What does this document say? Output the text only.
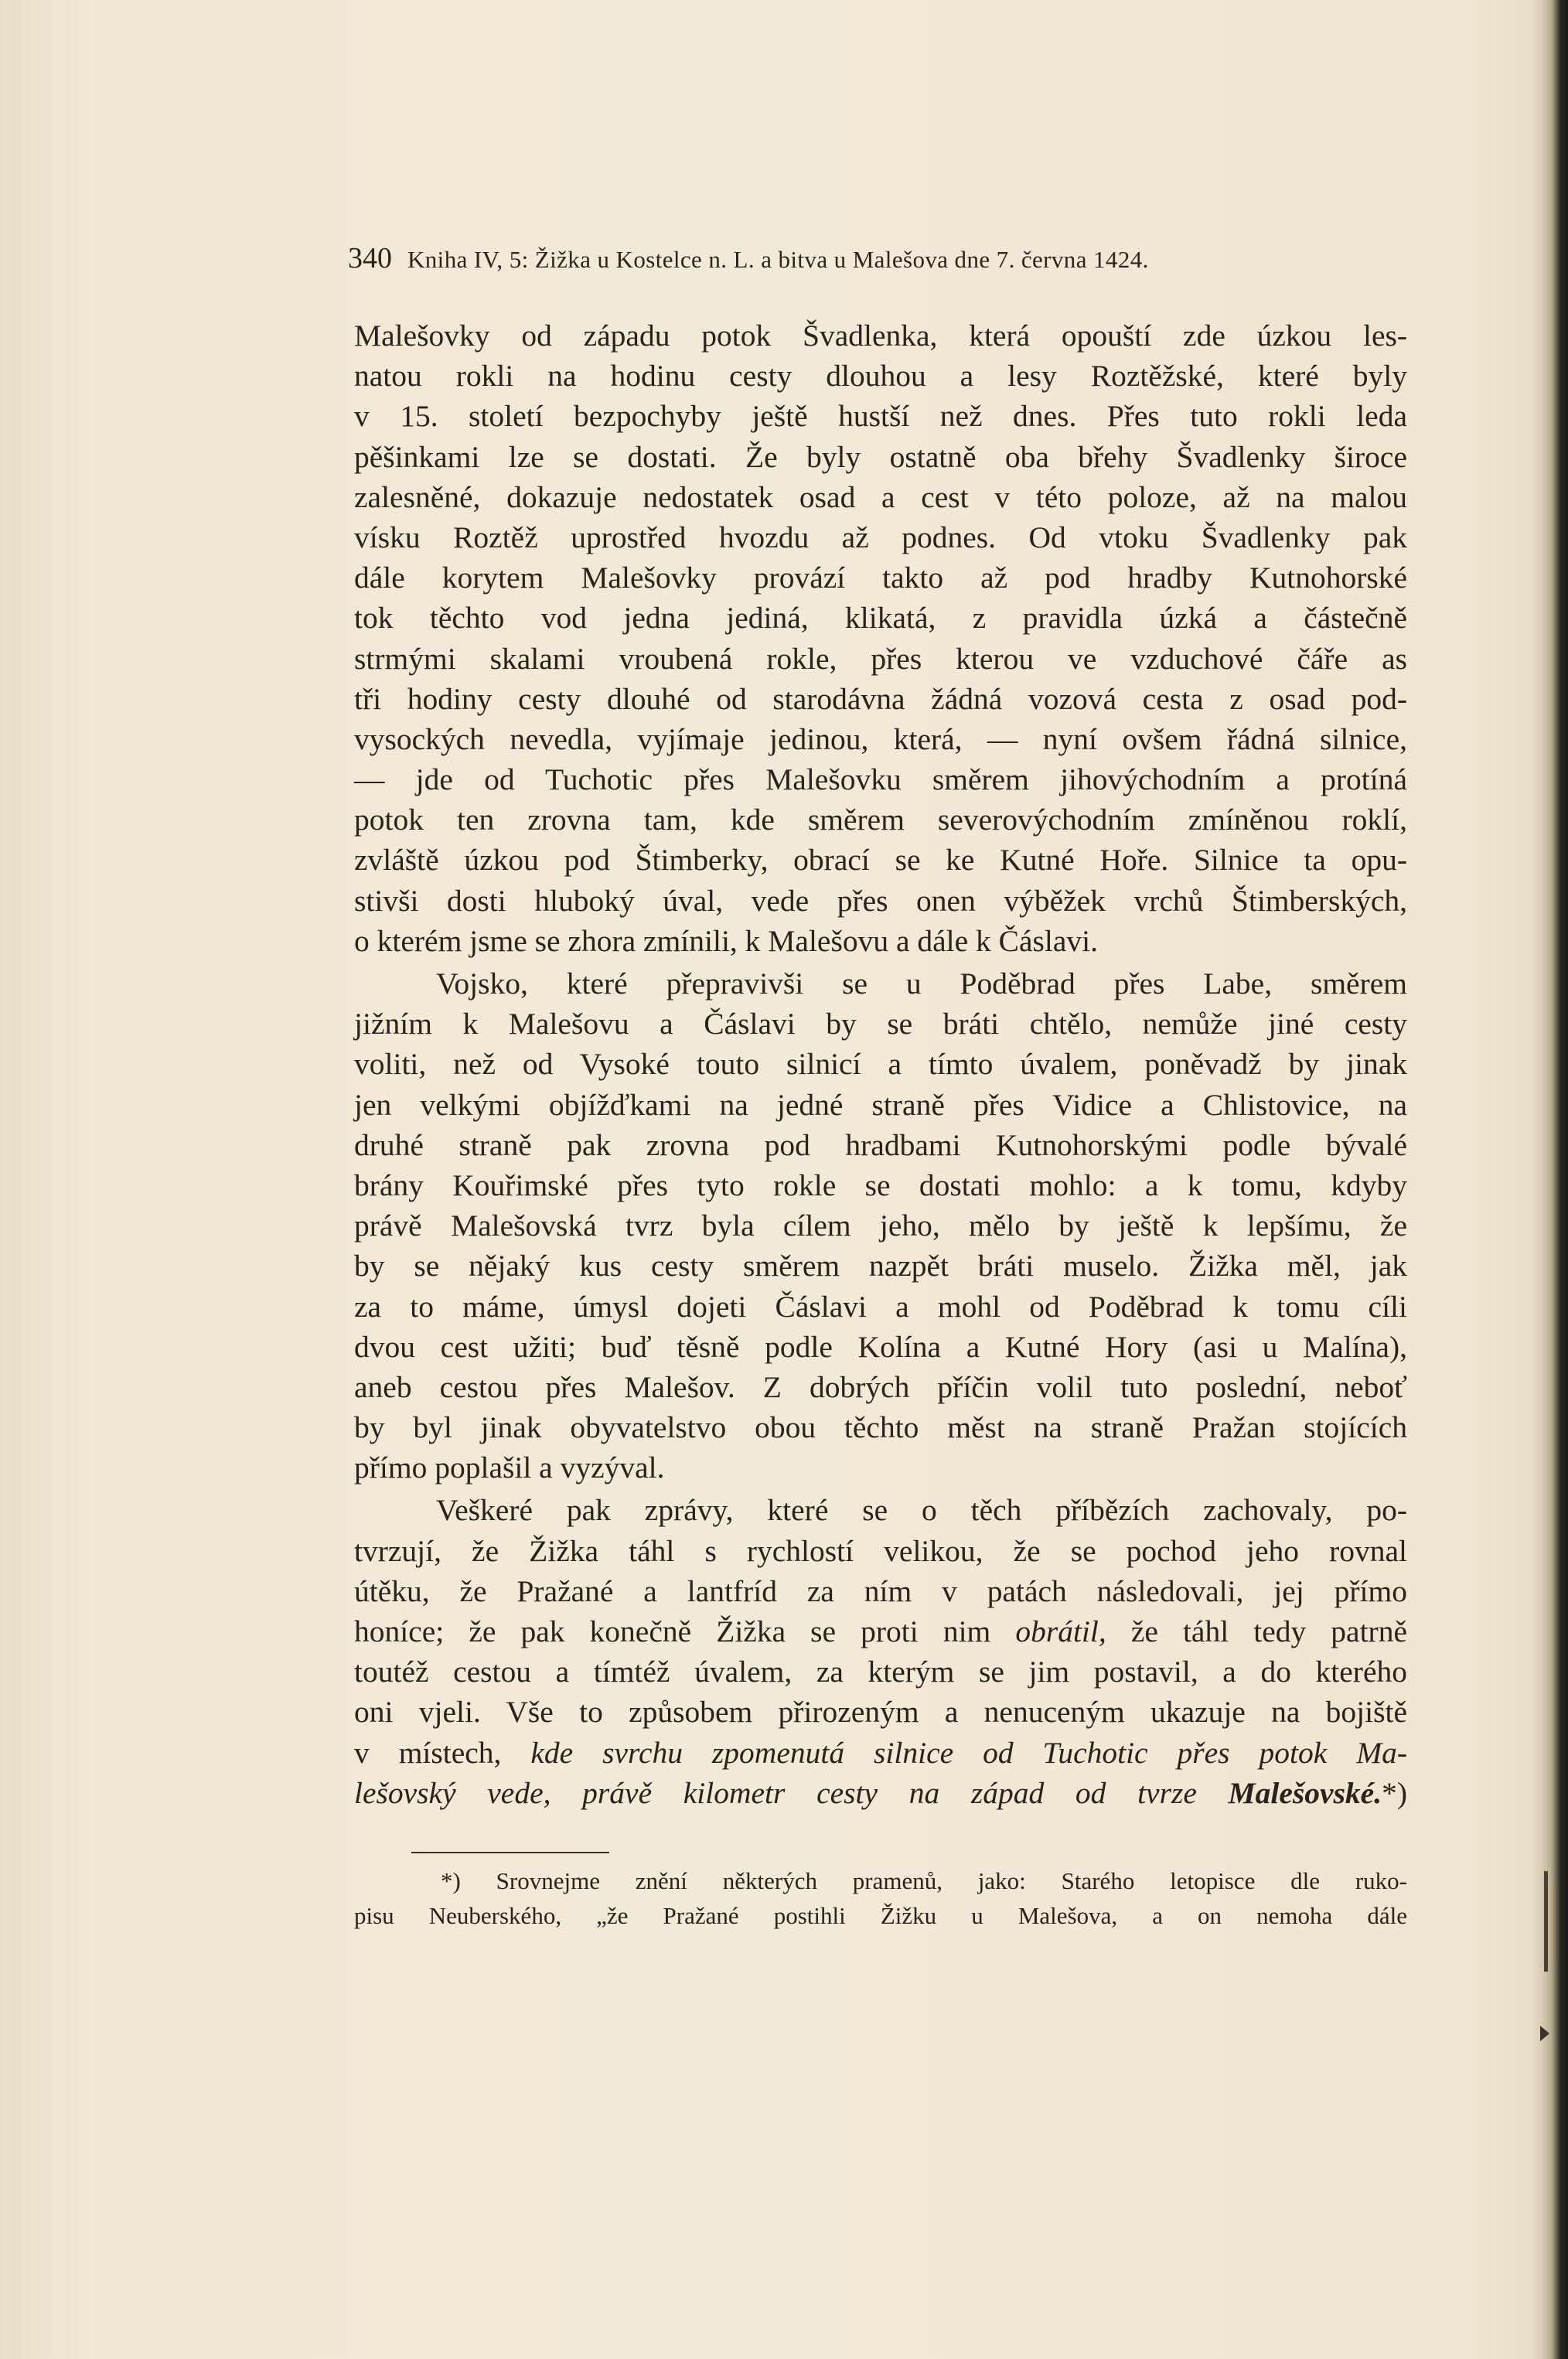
340 Kniha IV, 5: Žižka u Kostelce n. L. a bitva u Malešova dne 7. června 1424.
Malešovky od západu potok Švadlenka, která opouští zde úzkou les-
natou rokli na hodinu cesty dlouhou a lesy Roztěžské, které byly
v 15. století bezpochyby ještě hustší než dnes. Přes tuto rokli leda
pěšinkami lze se dostati. Že byly ostatně oba břehy Švadlenky široce
zalesněné, dokazuje nedostatek osad a cest v této poloze, až na malou
vísku Roztěž uprostřed hvozdu až podnes. Od vtoku Švadlenky pak
dále korytem Malešovky provází takto až pod hradby Kutnohorské
tok těchto vod jedna jediná, klikatá, z pravidla úzká a částečně
strmými skalami vroubená rokle, přes kterou ve vzduchové čáře as
tři hodiny cesty dlouhé od starodávna žádná vozová cesta z osad pod-
vysockých nevedla, vyjímaje jedinou, která, — nyní ovšem řádná silnice,
— jde od Tuchotic přes Malešovku směrem jihovýchodním a protíná
potok ten zrovna tam, kde směrem severovýchodním zmíněnou roklí,
zvláště úzkou pod Štimberky, obrací se ke Kutné Hoře. Silnice ta opu-
stivši dosti hluboký úval, vede přes onen výběžek vrchů Štimberských,
o kterém jsme se zhora zmínili, k Malešovu a dále k Čáslavi.
Vojsko, které přepravivši se u Poděbrad přes Labe, směrem
jižním k Malešovu a Čáslavi by se bráti chtělo, nemůže jiné cesty
voliti, než od Vysoké touto silnicí a tímto úvalem, poněvadž by jinak
jen velkými objížďkami na jedné straně přes Vidice a Chlistovice, na
druhé straně pak zrovna pod hradbami Kutnohorskými podle bývalé
brány Kouřimské přes tyto rokle se dostati mohlo: a k tomu, kdyby
právě Malešovská tvrz byla cílem jeho, mělo by ještě k lepšímu, že
by se nějaký kus cesty směrem nazpět bráti muselo. Žižka měl, jak
za to máme, úmysl dojeti Čáslavi a mohl od Poděbrad k tomu cíli
dvou cest užiti; buď těsně podle Kolína a Kutné Hory (asi u Malína),
aneb cestou přes Malešov. Z dobrých příčin volil tuto poslední, neboť
by byl jinak obyvatelstvo obou těchto měst na straně Pražan stojících
přímo poplašil a vyzýval.
Veškeré pak zprávy, které se o těch příbězích zachovaly, po-
tvrzují, že Žižka táhl s rychlostí velikou, že se pochod jeho rovnal
útěku, že Pražané a lantfríd za ním v patách následovali, jej přímo
honíce; že pak konečně Žižka se proti nim obrátil, že táhl tedy patrně
toutéž cestou a tímtéž úvalem, za kterým se jim postavil, a do kterého
oni vjeli. Vše to způsobem přirozeným a nenuceným ukazuje na bojiště
v místech, kde svrchu zpomenutá silnice od Tuchotic přes potok Ma-
lešovský vede, právě kilometr cesty na západ od tvrze Malešovské.*)
*) Srovnejme znění některých pramenů, jako: Starého letopisce dle ruko-
pisu Neuberského, „že Pražané postihli Žižku u Malešova, a on nemoha dále
